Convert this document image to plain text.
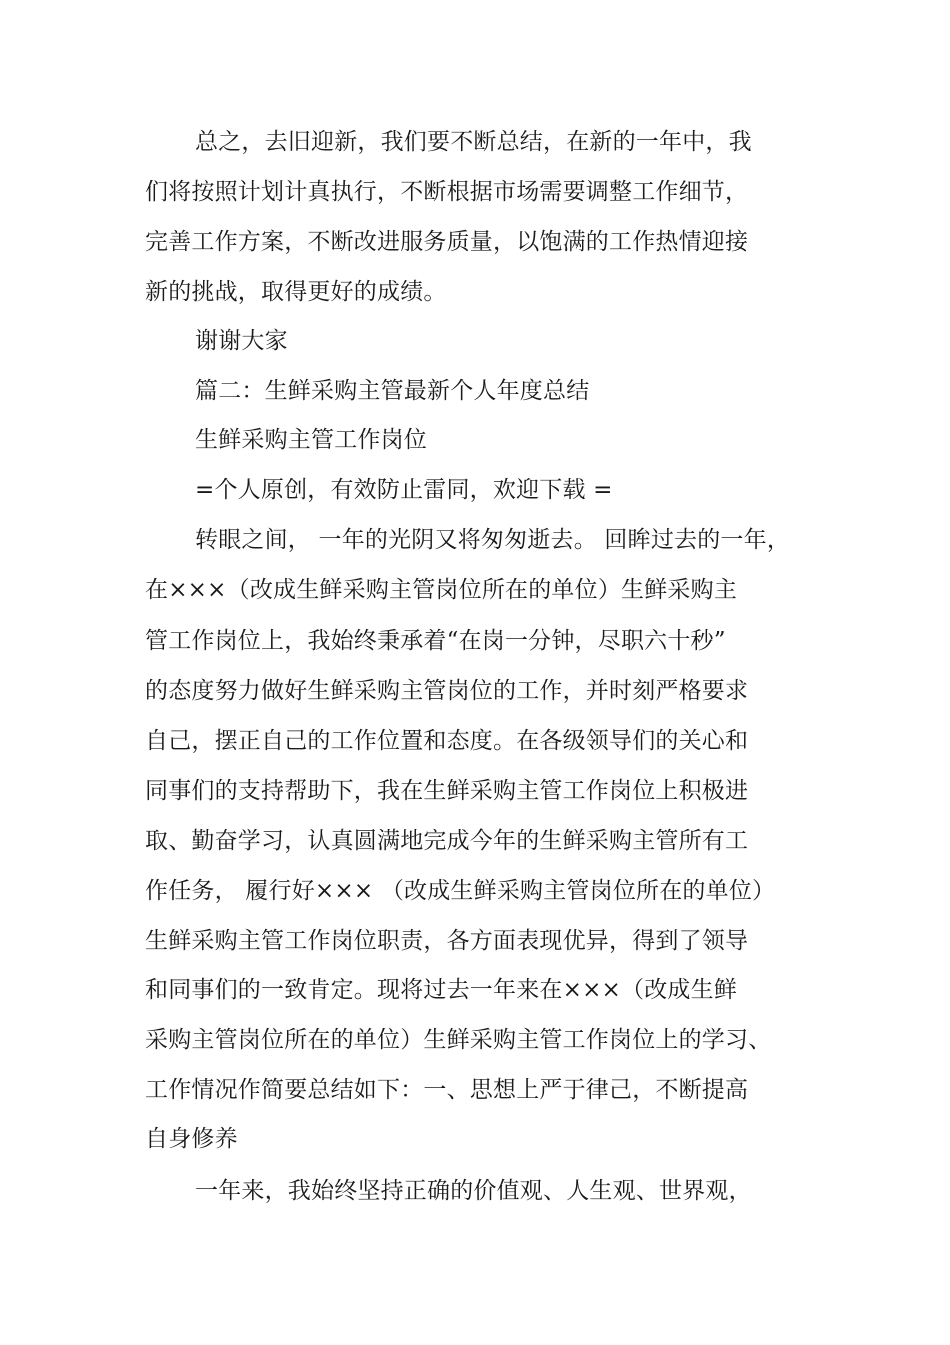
总之，去旧迎新，我们要不断总结，在新的一年中，我

们将按照计划计真执行，不断根据市场需要调整工作细节，

完善工作方案，不断改进服务质量，以饱满的工作热情迎接

新的挑战，取得更好的成绩。

谢谢大家

篇二：生鲜采购主管最新个人年度总结

生鲜采购主管工作岗位

=个人原创，有效防止雷同，欢迎下载 =

转眼之间， 一年的光阴又将匆匆逝去。 回眸过去的一年，

在×××（改成生鲜采购主管岗位所在的单位）生鲜采购主

管工作岗位上，我始终秉承着“在岗一分钟，尽职六十秒”

的态度努力做好生鲜采购主管岗位的工作，并时刻严格要求

自己，摆正自己的工作位置和态度。在各级领导们的关心和

同事们的支持帮助下，我在生鲜采购主管工作岗位上积极进

取、勤奋学习，认真圆满地完成今年的生鲜采购主管所有工

作任务， 履行好××× （改成生鲜采购主管岗位所在的单位）

生鲜采购主管工作岗位职责，各方面表现优异，得到了领导

和同事们的一致肯定。现将过去一年来在×××（改成生鲜

采购主管岗位所在的单位）生鲜采购主管工作岗位上的学习、

工作情况作简要总结如下：一、思想上严于律己，不断提高

自身修养

一年来，我始终坚持正确的价值观、人生观、世界观，
